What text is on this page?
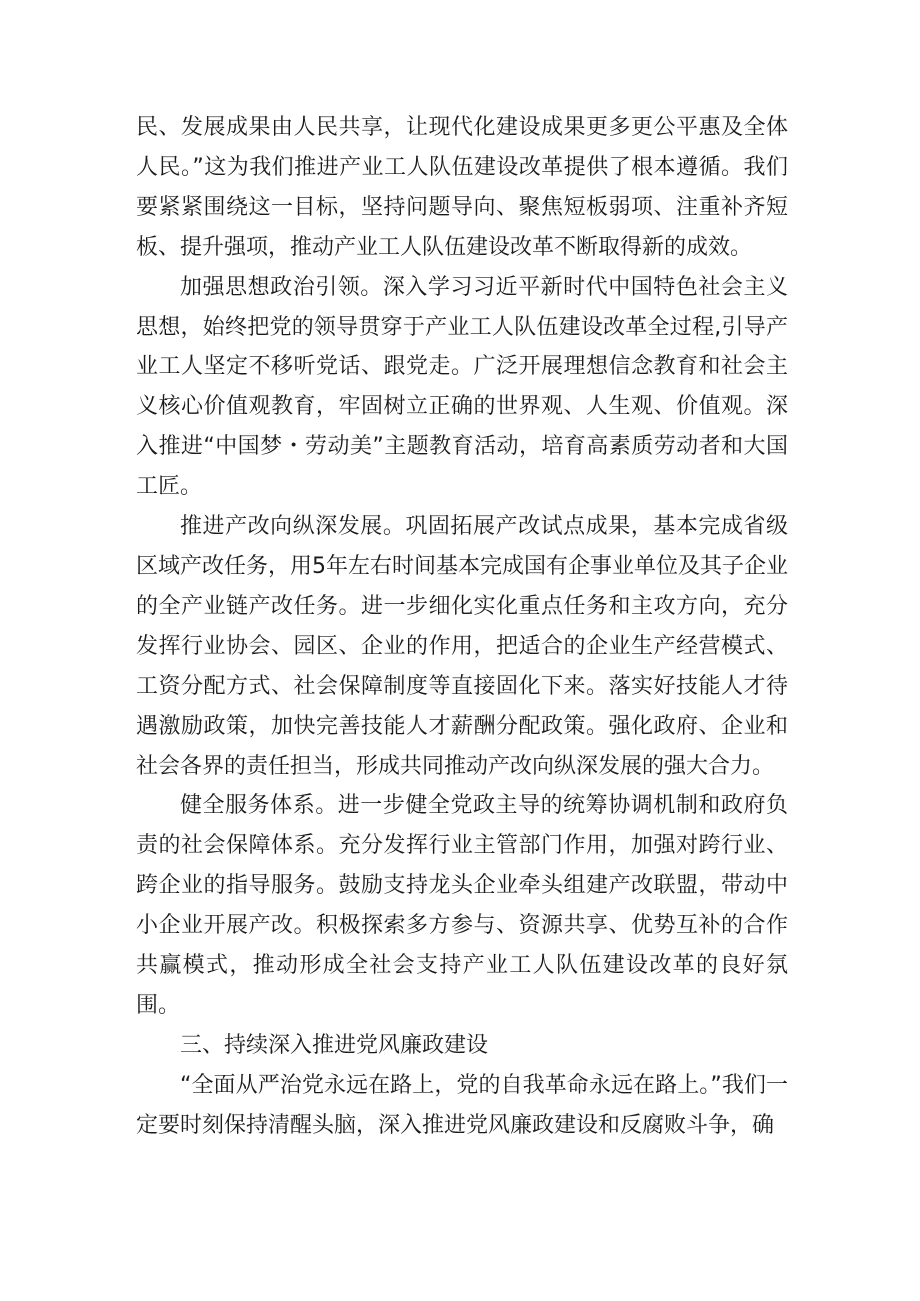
民、发展成果由人民共享，让现代化建设成果更多更公平惠及全体人民。”这为我们推进产业工人队伍建设改革提供了根本遵循。我们要紧紧围绕这一目标，坚持问题导向、聚焦短板弱项、注重补齐短板、提升强项，推动产业工人队伍建设改革不断取得新的成效。

加强思想政治引领。深入学习习近平新时代中国特色社会主义思想，始终把党的领导贯穿于产业工人队伍建设改革全过程,引导产业工人坚定不移听党话、跟党走。广泛开展理想信念教育和社会主义核心价值观教育，牢固树立正确的世界观、人生观、价值观。深入推进“中国梦・劳动美”主题教育活动，培育高素质劳动者和大国工匠。

推进产改向纵深发展。巩固拓展产改试点成果，基本完成省级区域产改任务，用5年左右时间基本完成国有企事业单位及其子企业的全产业链产改任务。进一步细化实化重点任务和主攻方向，充分发挥行业协会、园区、企业的作用，把适合的企业生产经营模式、工资分配方式、社会保障制度等直接固化下来。落实好技能人才待遇激励政策，加快完善技能人才薪酬分配政策。强化政府、企业和社会各界的责任担当，形成共同推动产改向纵深发展的强大合力。

健全服务体系。进一步健全党政主导的统筹协调机制和政府负责的社会保障体系。充分发挥行业主管部门作用，加强对跨行业、跨企业的指导服务。鼓励支持龙头企业牵头组建产改联盟，带动中小企业开展产改。积极探索多方参与、资源共享、优势互补的合作共赢模式，推动形成全社会支持产业工人队伍建设改革的良好氛围。

三、持续深入推进党风廉政建设

“全面从严治党永远在路上，党的自我革命永远在路上。”我们一定要时刻保持清醒头脑，深入推进党风廉政建设和反腐败斗争，确
